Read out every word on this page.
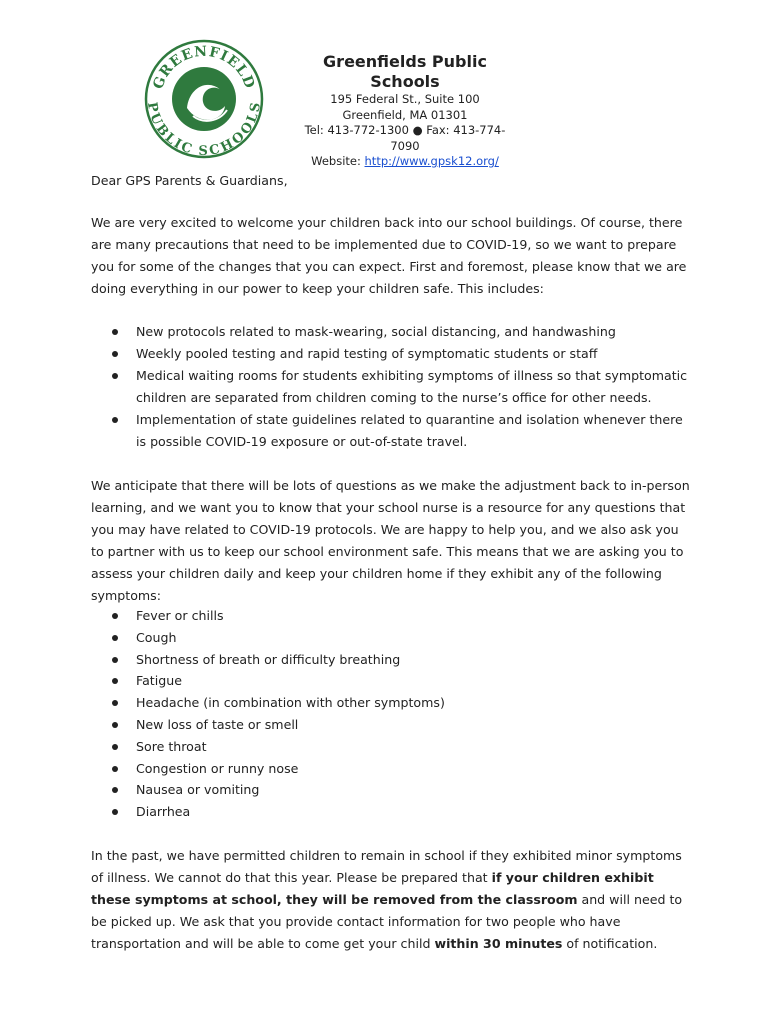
GREENFIELD
PUBLIC SCHOOLS
Greenfields Public Schools
195 Federal St., Suite 100
Greenfield, MA 01301
Tel: 413-772-1300 ● Fax: 413-774-7090
Website: http://www.gpsk12.org/
Dear GPS Parents & Guardians,
We are very excited to welcome your children back into our school buildings. Of course, there are many precautions that need to be implemented due to COVID-19, so we want to prepare you for some of the changes that you can expect. First and foremost, please know that we are doing everything in our power to keep your children safe. This includes:
New protocols related to mask-wearing, social distancing, and handwashing
Weekly pooled testing and rapid testing of symptomatic students or staff
Medical waiting rooms for students exhibiting symptoms of illness so that symptomatic children are separated from children coming to the nurse’s office for other needs.
Implementation of state guidelines related to quarantine and isolation whenever there is possible COVID-19 exposure or out-of-state travel.
We anticipate that there will be lots of questions as we make the adjustment back to in-person learning, and we want you to know that your school nurse is a resource for any questions that you may have related to COVID-19 protocols. We are happy to help you, and we also ask you to partner with us to keep our school environment safe. This means that we are asking you to assess your children daily and keep your children home if they exhibit any of the following symptoms:
Fever or chills
Cough
Shortness of breath or difficulty breathing
Fatigue
Headache (in combination with other symptoms)
New loss of taste or smell
Sore throat
Congestion or runny nose
Nausea or vomiting
Diarrhea
In the past, we have permitted children to remain in school if they exhibited minor symptoms of illness. We cannot do that this year. Please be prepared that if your children exhibit these symptoms at school, they will be removed from the classroom and will need to be picked up. We ask that you provide contact information for two people who have transportation and will be able to come get your child within 30 minutes of notification.
